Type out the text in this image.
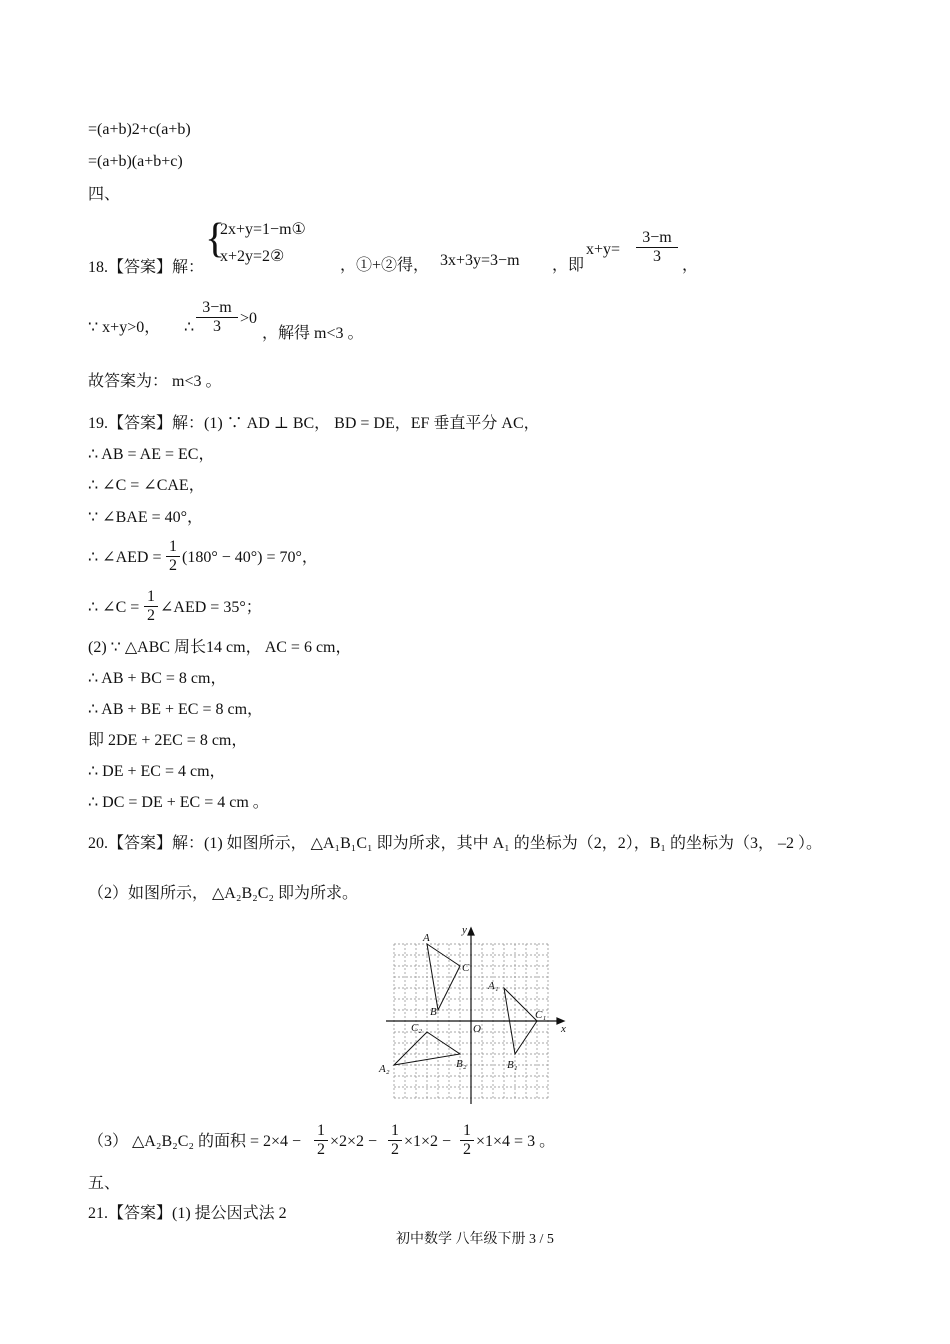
=(a+b)2+c(a+b)
=(a+b)(a+b+c)
四、
18.【答案】解：
{
2x+y=1−m①
x+2y=2②
，①+②得， 3x+3y=3−m ，即
$x+y= \frac{3-m}{3}$ ，
∵ x+y>0， ∴ $\frac{3-m}{3} >0$
，解得 m<3 。
故答案为： m<3 。
19.【答案】解：(1) ∵ AD ⊥ BC， BD = DE，EF 垂直平分 AC，
∴ AB = AE = EC，
∴ ∠C = ∠CAE，
∵ ∠BAE = 40°，
∴ ∠AED = $\frac{1}{2} (180^\circ - 40^\circ) = 70^\circ$，
∴ ∠C = $\frac{1}{2}$ ∠AED = 35°；
(2) ∵ △ABC 周长14 cm， AC = 6 cm，
∴ AB + BC = 8 cm，
∴ AB + BE + EC = 8 cm，
即 2DE + 2EC = 8 cm，
∴ DE + EC = 4 cm，
∴ DC = DE + EC = 4 cm 。
20.【答案】解：(1) 如图所示， △A₁B₁C₁ 即为所求，其中 A₁ 的坐标为（2，2），B₁ 的坐标为（3， –2 ）。
（2）如图所示， △A₂B₂C₂ 即为所求。
y
x
O
A
B
C
A₁
B₁
C₁
A₂	B₂
C₂
（3） △A₂B₂C₂ 的面积 = $2\times 4 - \frac{1}{2} \times 2\times 2 - \frac{1}{2} \times 1\times 2 - \frac{1}{2} \times 1\times 4 = 3$ 。
五、
21.【答案】(1) 提公因式法 2
初中数学 八年级下册 3 / 5
